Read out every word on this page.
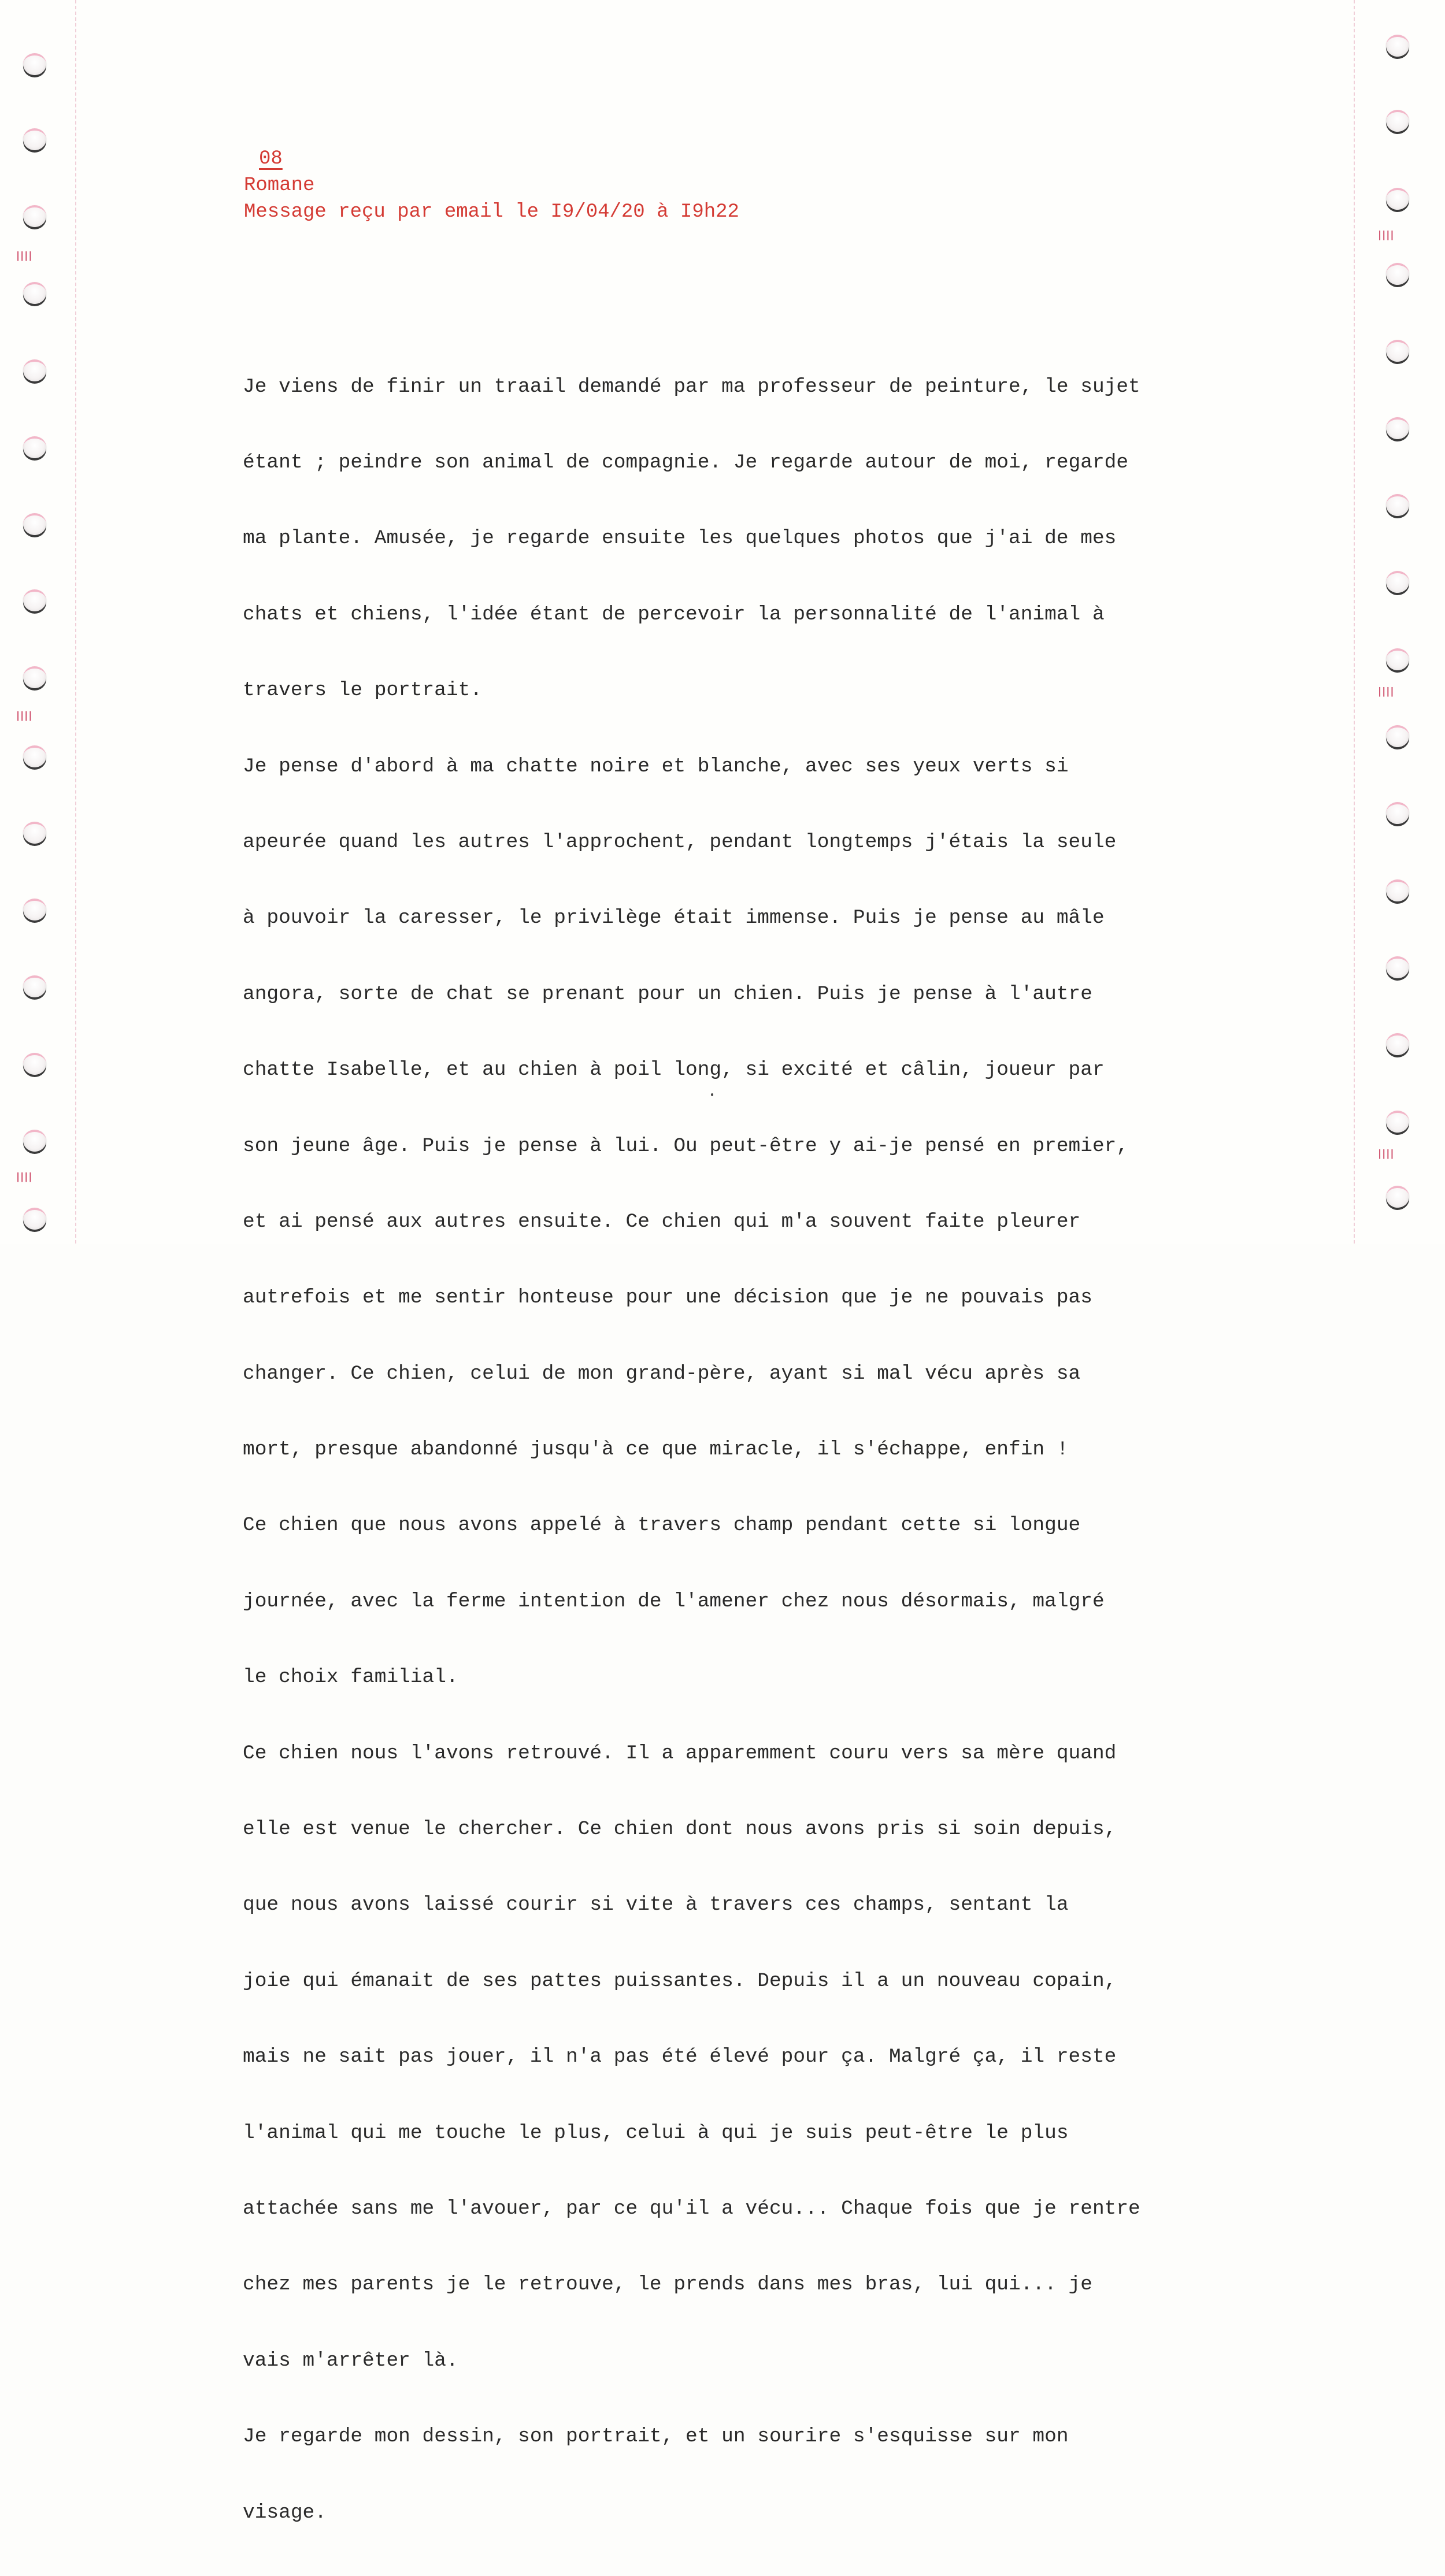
ꞁꞁꞁꞁ
ꞁꞁꞁꞁ
ꞁꞁꞁꞁ
ꞁꞁꞁꞁ
ꞁꞁꞁꞁ
ꞁꞁꞁꞁ
08
Romane
Message reçu par email le I9/04/20 à I9h22

Je viens de finir un traail demandé par ma professeur de peinture, le sujet

étant ; peindre son animal de compagnie. Je regarde autour de moi, regarde

ma plante. Amusée, je regarde ensuite les quelques photos que j'ai de mes

chats et chiens, l'idée étant de percevoir la personnalité de l'animal à

travers le portrait.

Je pense d'abord à ma chatte noire et blanche, avec ses yeux verts si

apeurée quand les autres l'approchent, pendant longtemps j'étais la seule

à pouvoir la caresser, le privilège était immense. Puis je pense au mâle

angora, sorte de chat se prenant pour un chien. Puis je pense à l'autre

chatte Isabelle, et au chien à poil long, si excité et câlin, joueur par

son jeune âge. Puis je pense à lui. Ou peut-être y ai-je pensé en premier,

et ai pensé aux autres ensuite. Ce chien qui m'a souvent faite pleurer

autrefois et me sentir honteuse pour une décision que je ne pouvais pas

changer. Ce chien, celui de mon grand-père, ayant si mal vécu après sa

mort, presque abandonné jusqu'à ce que miracle, il s'échappe, enfin !

Ce chien que nous avons appelé à travers champ pendant cette si longue

journée, avec la ferme intention de l'amener chez nous désormais, malgré

le choix familial.

Ce chien nous l'avons retrouvé. Il a apparemment couru vers sa mère quand

elle est venue le chercher. Ce chien dont nous avons pris si soin depuis,

que nous avons laissé courir si vite à travers ces champs, sentant la

joie qui émanait de ses pattes puissantes. Depuis il a un nouveau copain,

mais ne sait pas jouer, il n'a pas été élevé pour ça. Malgré ça, il reste

l'animal qui me touche le plus, celui à qui je suis peut-être le plus

attachée sans me l'avouer, par ce qu'il a vécu... Chaque fois que je rentre

chez mes parents je le retrouve, le prends dans mes bras, lui qui... je

vais m'arrêter là.

Je regarde mon dessin, son portrait, et un sourire s'esquisse sur mon

visage.
